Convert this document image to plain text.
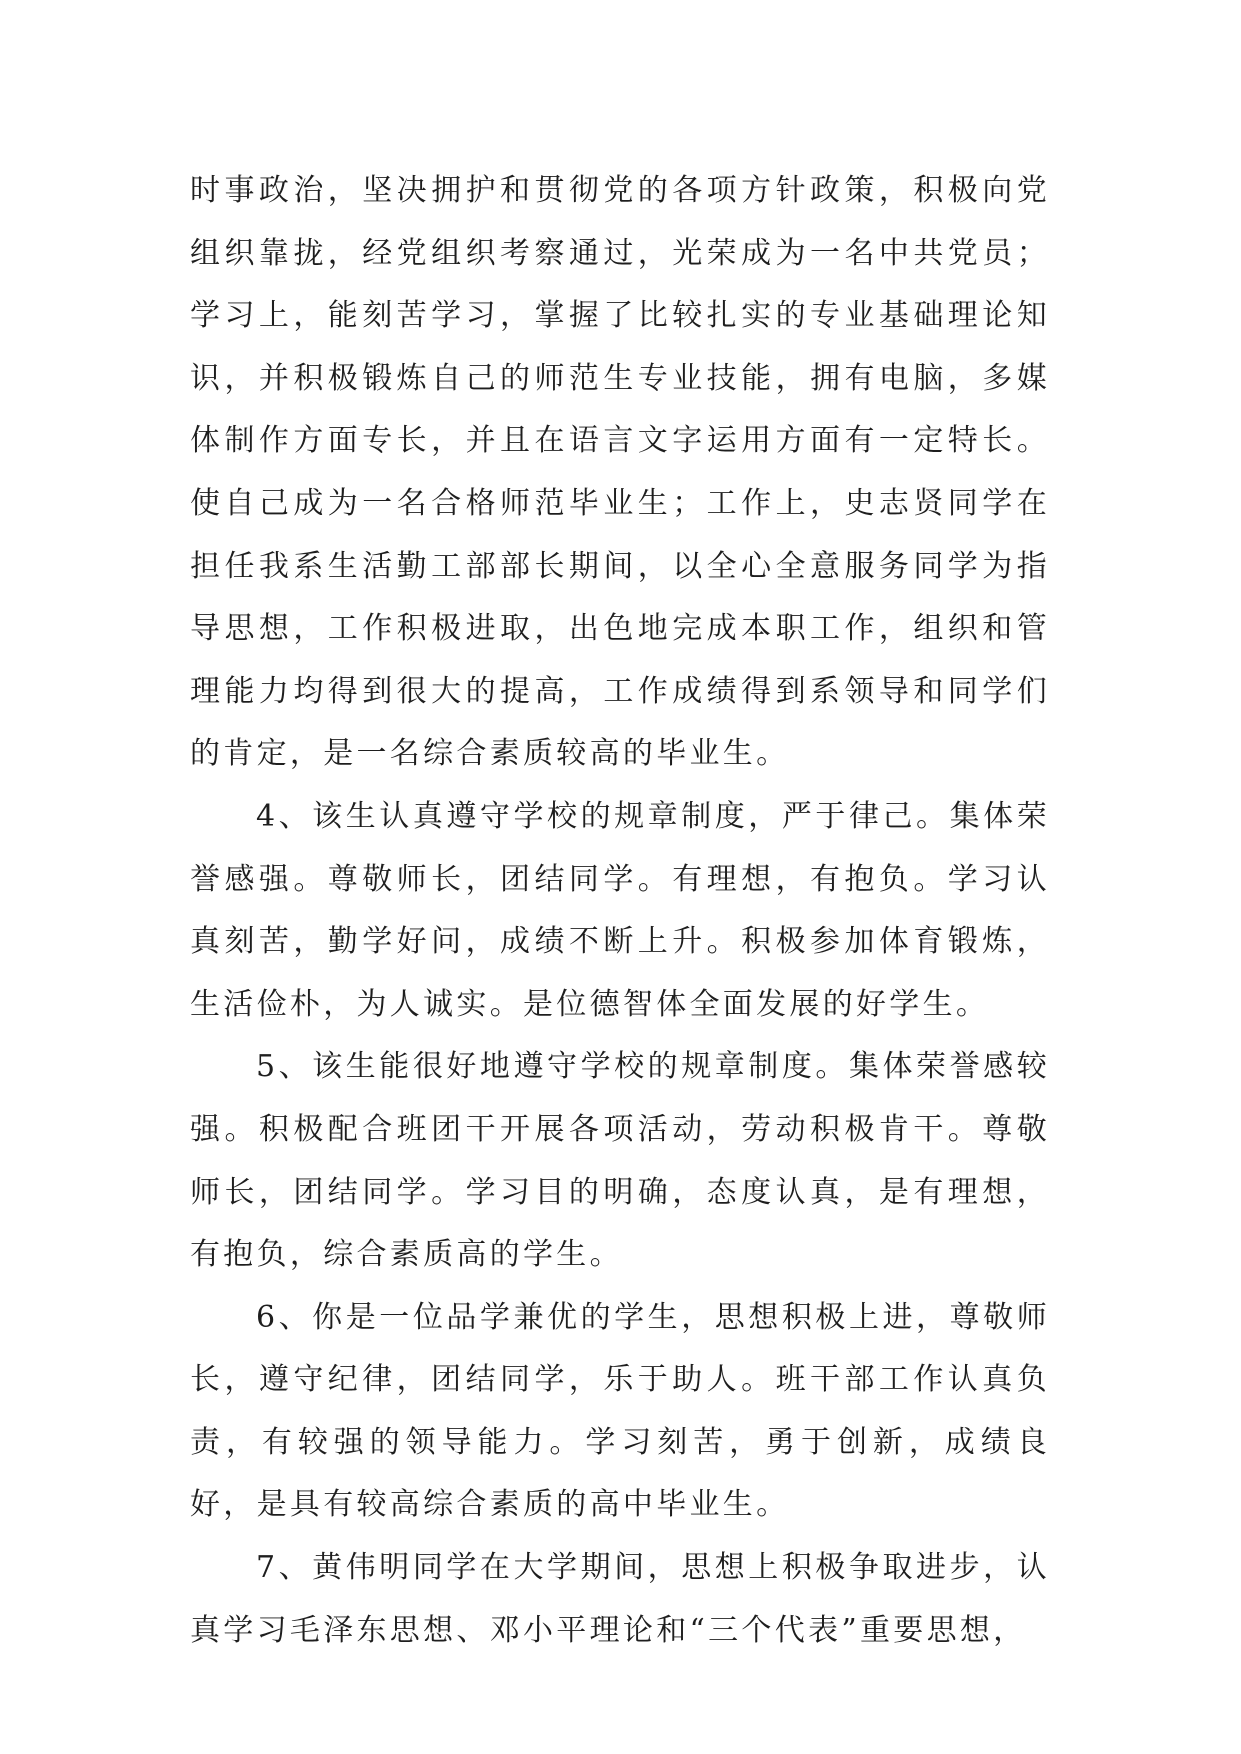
时事政治，坚决拥护和贯彻党的各项方针政策，积极向党组织靠拢，经党组织考察通过，光荣成为一名中共党员；学习上，能刻苦学习，掌握了比较扎实的专业基础理论知识，并积极锻炼自己的师范生专业技能，拥有电脑，多媒体制作方面专长，并且在语言文字运用方面有一定特长。使自己成为一名合格师范毕业生；工作上，史志贤同学在担任我系生活勤工部部长期间，以全心全意服务同学为指导思想，工作积极进取，出色地完成本职工作，组织和管理能力均得到很大的提高，工作成绩得到系领导和同学们的肯定，是一名综合素质较高的毕业生。

4、该生认真遵守学校的规章制度，严于律己。集体荣誉感强。尊敬师长，团结同学。有理想，有抱负。学习认真刻苦，勤学好问，成绩不断上升。积极参加体育锻炼，生活俭朴，为人诚实。是位德智体全面发展的好学生。

5、该生能很好地遵守学校的规章制度。集体荣誉感较强。积极配合班团干开展各项活动，劳动积极肯干。尊敬师长，团结同学。学习目的明确，态度认真，是有理想，有抱负，综合素质高的学生。

6、你是一位品学兼优的学生，思想积极上进，尊敬师长，遵守纪律，团结同学，乐于助人。班干部工作认真负责，有较强的领导能力。学习刻苦，勇于创新，成绩良好，是具有较高综合素质的高中毕业生。

7、黄伟明同学在大学期间，思想上积极争取进步，认真学习毛泽东思想、邓小平理论和“三个代表”重要思想，
